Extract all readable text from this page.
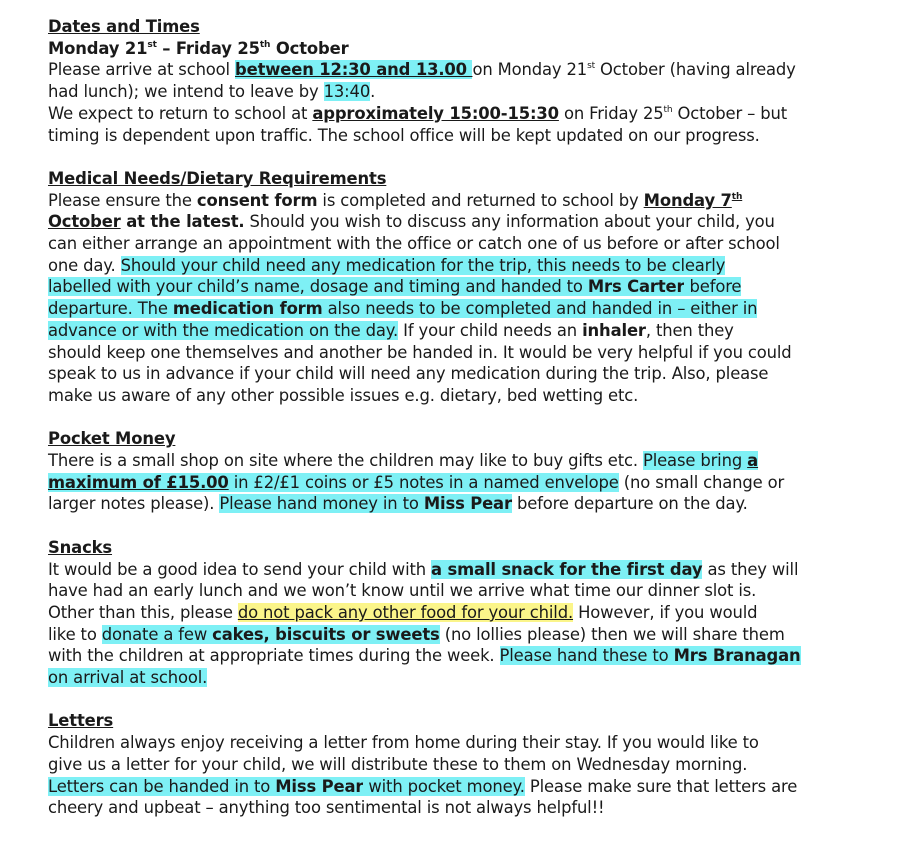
Dates and Times
Monday 21st – Friday 25th October
Please arrive at school between 12:30 and 13.00 on Monday 21st October (having already
had lunch); we intend to leave by 13:40.
We expect to return to school at approximately 15:00-15:30 on Friday 25th October – but
timing is dependent upon traffic. The school office will be kept updated on our progress.
Medical Needs/Dietary Requirements
Please ensure the consent form is completed and returned to school by Monday 7th
October at the latest. Should you wish to discuss any information about your child, you
can either arrange an appointment with the office or catch one of us before or after school
one day. Should your child need any medication for the trip, this needs to be clearly
labelled with your child’s name, dosage and timing and handed to Mrs Carter before
departure. The medication form also needs to be completed and handed in – either in
advance or with the medication on the day. If your child needs an inhaler, then they
should keep one themselves and another be handed in. It would be very helpful if you could
speak to us in advance if your child will need any medication during the trip. Also, please
make us aware of any other possible issues e.g. dietary, bed wetting etc.
Pocket Money
There is a small shop on site where the children may like to buy gifts etc. Please bring a
maximum of £15.00 in £2/£1 coins or £5 notes in a named envelope (no small change or
larger notes please). Please hand money in to Miss Pear before departure on the day.
Snacks
It would be a good idea to send your child with a small snack for the first day as they will
have had an early lunch and we won’t know until we arrive what time our dinner slot is.
Other than this, please do not pack any other food for your child. However, if you would
like to donate a few cakes, biscuits or sweets (no lollies please) then we will share them
with the children at appropriate times during the week. Please hand these to Mrs Branagan
on arrival at school.
Letters
Children always enjoy receiving a letter from home during their stay. If you would like to
give us a letter for your child, we will distribute these to them on Wednesday morning.
Letters can be handed in to Miss Pear with pocket money. Please make sure that letters are
cheery and upbeat – anything too sentimental is not always helpful!!
